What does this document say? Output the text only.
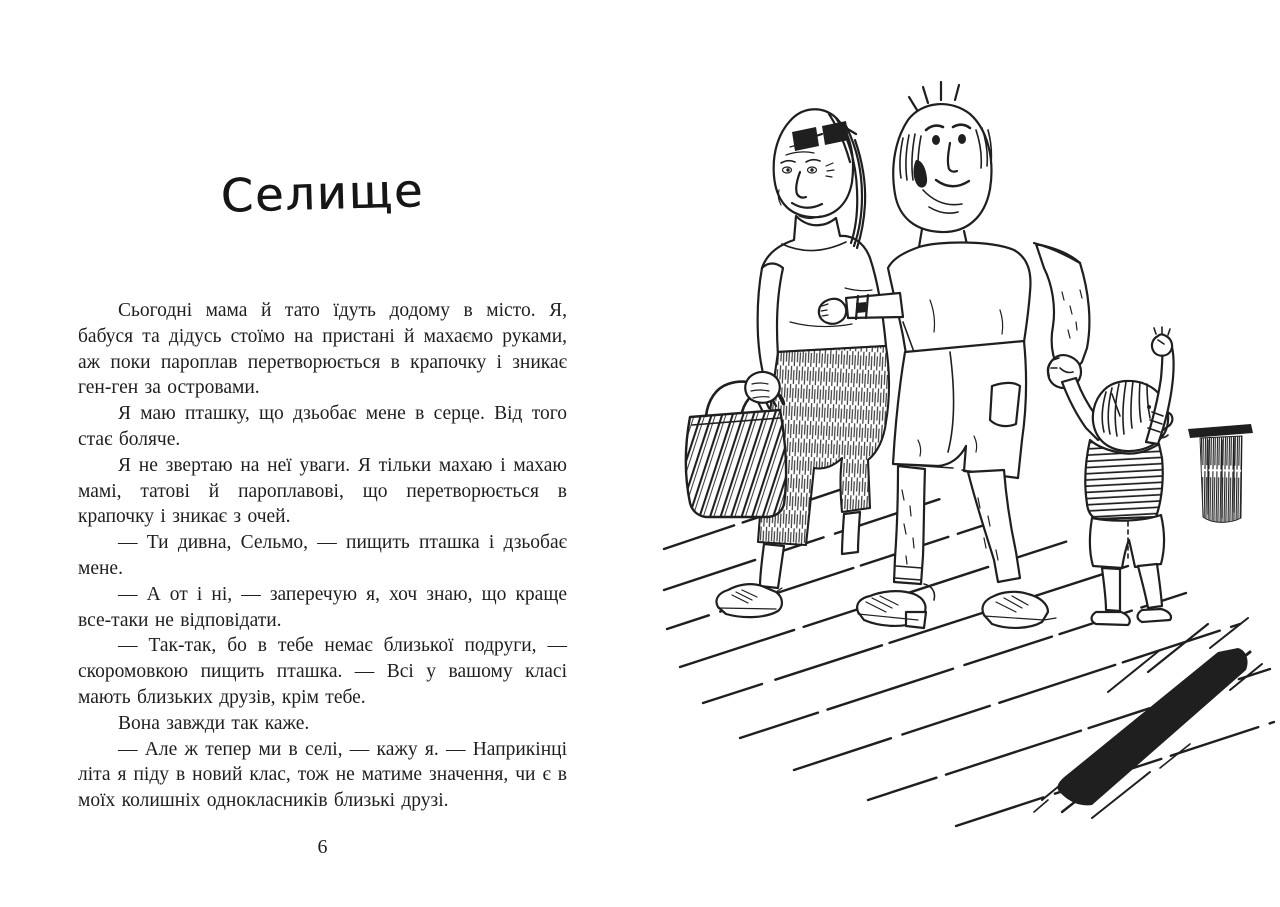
Селище

Сьогодні мама й тато їдуть додому в місто. Я, бабуся та дідусь стоїмо на пристані й махаємо руками, аж поки пароплав перетворюється в крапочку і зникає ген-ген за островами.

Я маю пташку, що дзьобає мене в серце. Від того стає боляче.

Я не звертаю на неї уваги. Я тільки махаю і махаю мамі, татові й пароплавові, що перетворюється в крапочку і зникає з очей.

— Ти дивна, Сельмо, — пищить пташка і дзьобає мене.

— А от і ні, — заперечую я, хоч знаю, що краще все-таки не відповідати.

— Так-так, бо в тебе немає близької подруги, — скоромовкою пищить пташка. — Всі у вашому класі мають близьких друзів, крім тебе.

Вона завжди так каже.

— Але ж тепер ми в селі, — кажу я. — Наприкінці літа я піду в новий клас, тож не матиме значення, чи є в моїх колишніх однокласників близькі друзі.

6
